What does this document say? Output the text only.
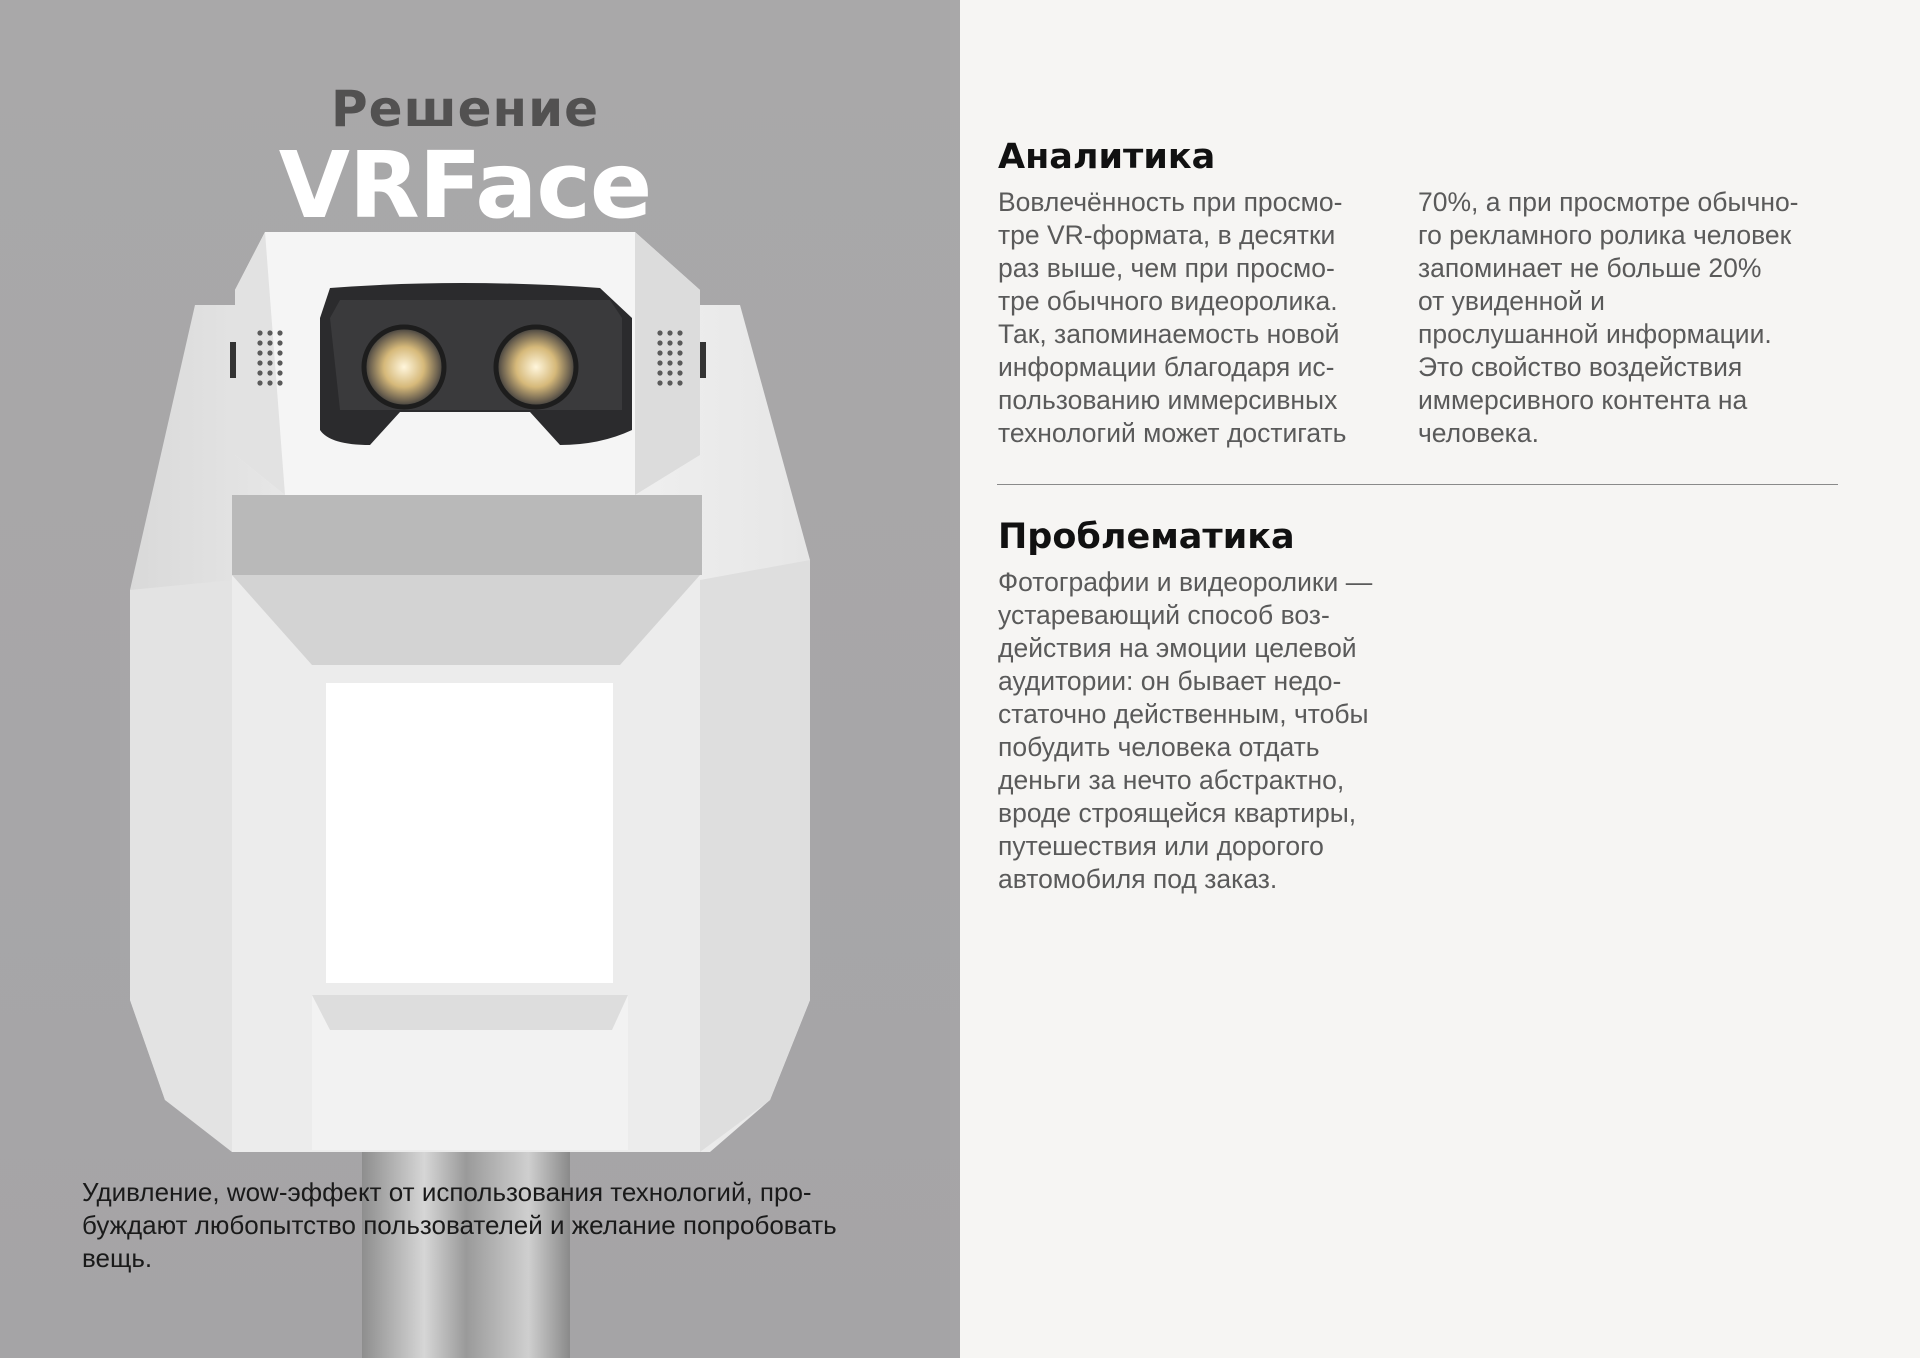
Решение
VRFace
Удивление, wow-эффект от использования технологий, про-
буждают любопытство пользователей и желание попробовать
вещь.
Аналитика
Вовлечённость при просмо-
тре VR-формата, в десятки
раз выше, чем при просмо-
тре обычного видеоролика.
Так, запоминаемость новой
информации благодаря ис-
пользованию иммерсивных
технологий может достигать
70%, а при просмотре обычно-
го рекламного ролика человек
запоминает не больше 20%
от увиденной и
прослушанной информации.
Это свойство воздействия
иммерсивного контента на
человека.
Проблематика
Фотографии и видеоролики —
устаревающий способ воз-
действия на эмоции целевой
аудитории: он бывает недо-
статочно действенным, чтобы
побудить человека отдать
деньги за нечто абстрактно,
вроде строящейся квартиры,
путешествия или дорогого
автомобиля под заказ.
